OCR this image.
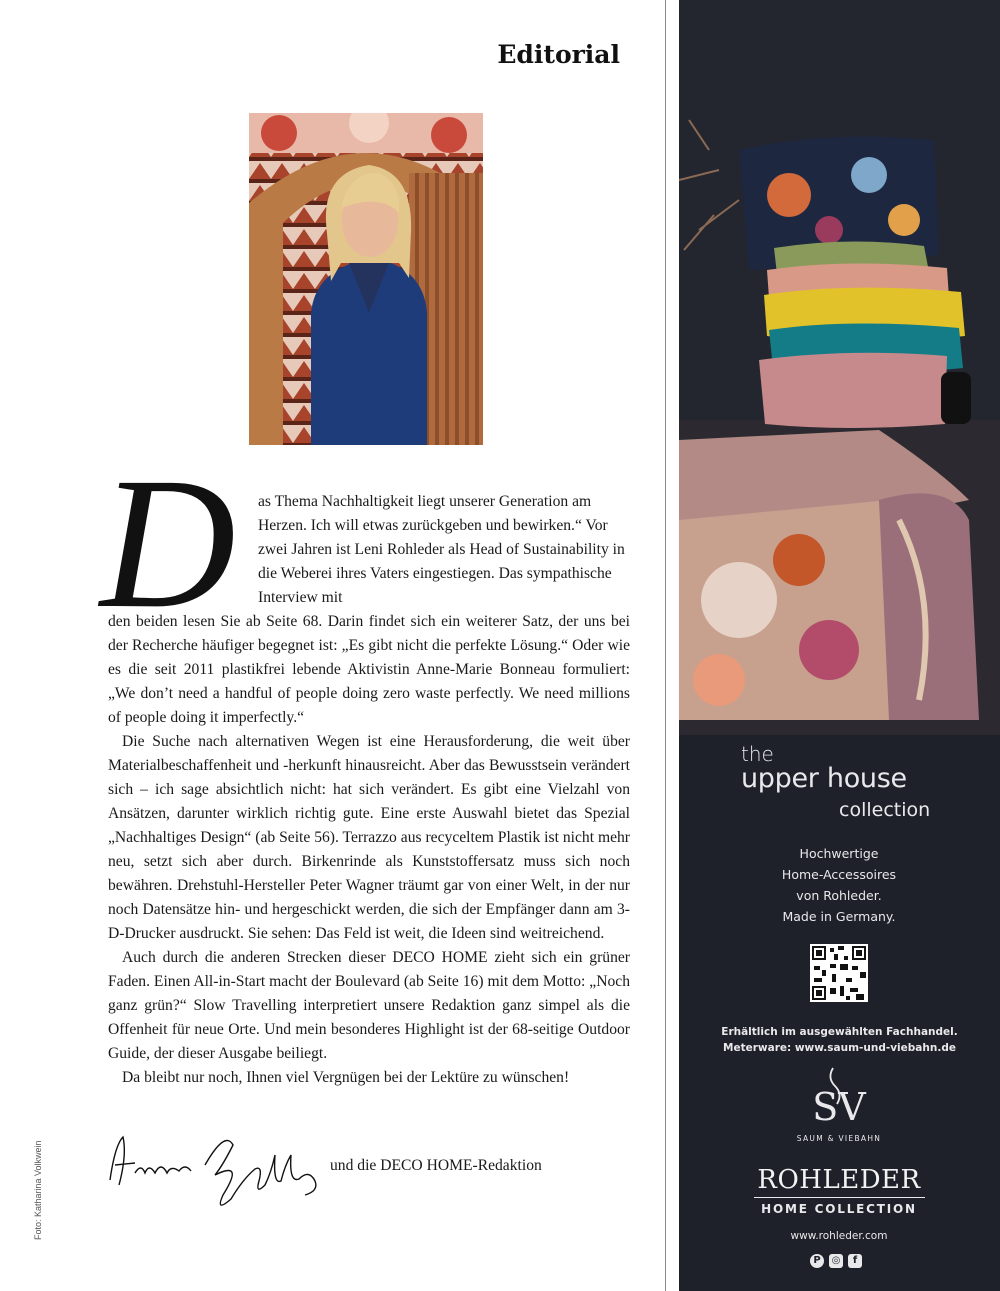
Editorial
D as Thema Nachhaltigkeit liegt unserer Generation am Herzen. Ich will etwas zurückgeben und bewirken.“ Vor zwei Jahren ist Leni Rohleder als Head of Sustainability in die Weberei ihres Vaters eingestiegen. Das sympathische Interview mit

den beiden lesen Sie ab Seite 68. Darin findet sich ein weiterer Satz, der uns bei der Recherche häufiger begegnet ist: „Es gibt nicht die perfekte Lösung.“ Oder wie es die seit 2011 plastikfrei lebende Aktivistin Anne-Marie Bonneau formuliert: „We don’t need a handful of people doing zero waste perfectly. We need millions of people doing it imperfectly.“

Die Suche nach alternativen Wegen ist eine Herausforderung, die weit über Materialbeschaffenheit und -herkunft hinausreicht. Aber das Bewusstsein verändert sich – ich sage absichtlich nicht: hat sich verändert. Es gibt eine Vielzahl von Ansätzen, darunter wirklich richtig gute. Eine erste Auswahl bietet das Spezial „Nachhaltiges Design“ (ab Seite 56). Terrazzo aus recyceltem Plastik ist nicht mehr neu, setzt sich aber durch. Birkenrinde als Kunststoffersatz muss sich noch bewähren. Drehstuhl-Hersteller Peter Wagner träumt gar von einer Welt, in der nur noch Datensätze hin- und hergeschickt werden, die sich der Empfänger dann am 3-D-Drucker ausdruckt. Sie sehen: Das Feld ist weit, die Ideen sind weitreichend.

Auch durch die anderen Strecken dieser DECO HOME zieht sich ein grüner Faden. Einen All-in-Start macht der Boulevard (ab Seite 16) mit dem Motto: „Noch ganz grün?“ Slow Travelling interpretiert unsere Redaktion ganz simpel als die Offenheit für neue Orte. Und mein besonderes Highlight ist der 68-seitige Outdoor Guide, der dieser Ausgabe beiliegt.

Da bleibt nur noch, Ihnen viel Vergnügen bei der Lektüre zu wünschen!

Foto: Katharina Volkwein	und die DECO HOME-Redaktion
the
upper house
collection
Hochwertige
Home-Accessoires
von Rohleder.
Made in Germany.
Erhältlich im ausgewählten Fachhandel.
Meterware: www.saum-und-viebahn.de
SV
SAUM & VIEBAHN
ROHLEDER
HOME COLLECTION
www.rohleder.com
P	◎	f
